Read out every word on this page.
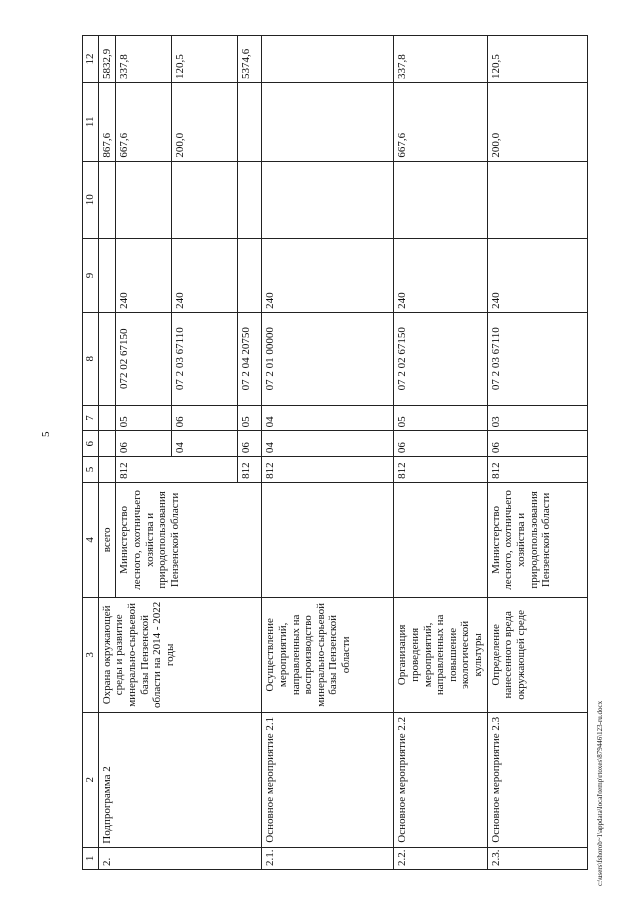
5
1	2	3	4	5	6	7	8	9	10	11	12
2.	Подпрограмма 2	Охрана окружающей среды и развитие минерально-сырьевой базы Пензенской области на 2014 - 2022 годы	всего							867,6	5832,9
			Министерство лесного, охотничьего хозяйства и природопользования Пензенской области	812	06	05	072 02 67150	240		667,6	337,8
					04	06	07 2 03 67110	240		200,0	120,5
				812	06	05	07 2 04 20750				5374,6
2.1.	Основное мероприятие 2.1	Осуществление мероприятий, направленных на воспроизводство минерально-сырьевой базы Пензенской области		812	04	04	07 2 01 00000	240			
2.2.	Основное мероприятие 2.2	Организация проведения мероприятий, направленных на повышение экологической культуры		812	06	05	07 2 02 67150	240		667,6	337,8
2.3.	Основное мероприятие 2.3	Определение нанесенного вреда окружающей среде	Министерство лесного, охотничьего хозяйства и природопользования Пензенской области	812	06	03	07 2 03 67110	240		200,0	120,5
c:\users\fshorob~1\appdata\local\temp\rtoxes\879446\123-ru.docx
